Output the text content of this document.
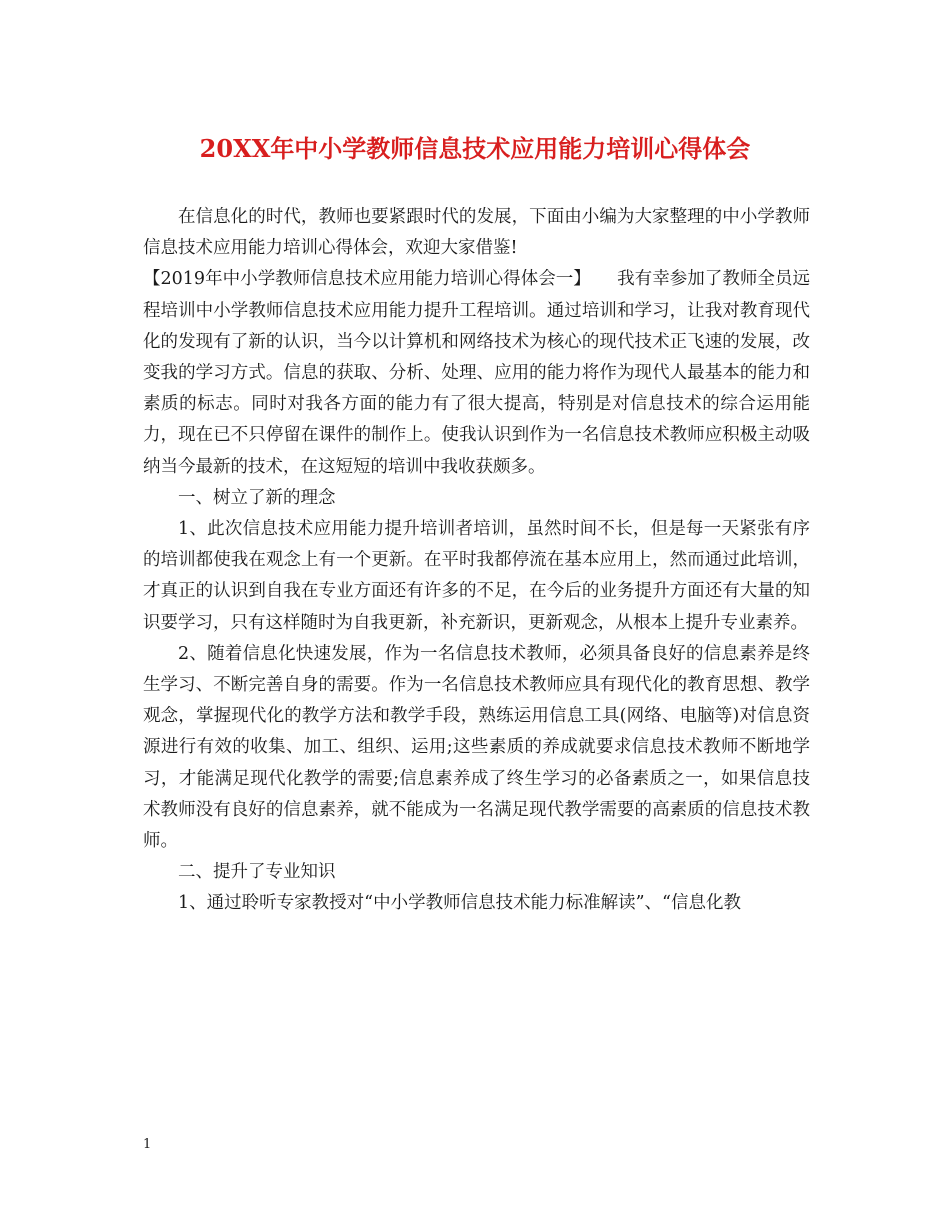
20XX年中小学教师信息技术应用能力培训心得体会

在信息化的时代，教师也要紧跟时代的发展，下面由小编为大家整理的中小学教师信息技术应用能力培训心得体会，欢迎大家借鉴!

【2019年中小学教师信息技术应用能力培训心得体会一】　　我有幸参加了教师全员远程培训中小学教师信息技术应用能力提升工程培训。通过培训和学习，让我对教育现代化的发现有了新的认识，当今以计算机和网络技术为核心的现代技术正飞速的发展，改变我的学习方式。信息的获取、分析、处理、应用的能力将作为现代人最基本的能力和素质的标志。同时对我各方面的能力有了很大提高，特别是对信息技术的综合运用能力，现在已不只停留在课件的制作上。使我认识到作为一名信息技术教师应积极主动吸纳当今最新的技术，在这短短的培训中我收获颇多。

一、树立了新的理念

1、此次信息技术应用能力提升培训者培训，虽然时间不长，但是每一天紧张有序的培训都使我在观念上有一个更新。在平时我都停流在基本应用上，然而通过此培训，才真正的认识到自我在专业方面还有许多的不足，在今后的业务提升方面还有大量的知识要学习，只有这样随时为自我更新，补充新识，更新观念，从根本上提升专业素养。

2、随着信息化快速发展，作为一名信息技术教师，必须具备良好的信息素养是终生学习、不断完善自身的需要。作为一名信息技术教师应具有现代化的教育思想、教学观念，掌握现代化的教学方法和教学手段，熟练运用信息工具(网络、电脑等)对信息资源进行有效的收集、加工、组织、运用;这些素质的养成就要求信息技术教师不断地学习，才能满足现代化教学的需要;信息素养成了终生学习的必备素质之一，如果信息技术教师没有良好的信息素养，就不能成为一名满足现代教学需要的高素质的信息技术教师。

二、提升了专业知识

1、通过聆听专家教授对“中小学教师信息技术能力标准解读”、“信息化教

1
